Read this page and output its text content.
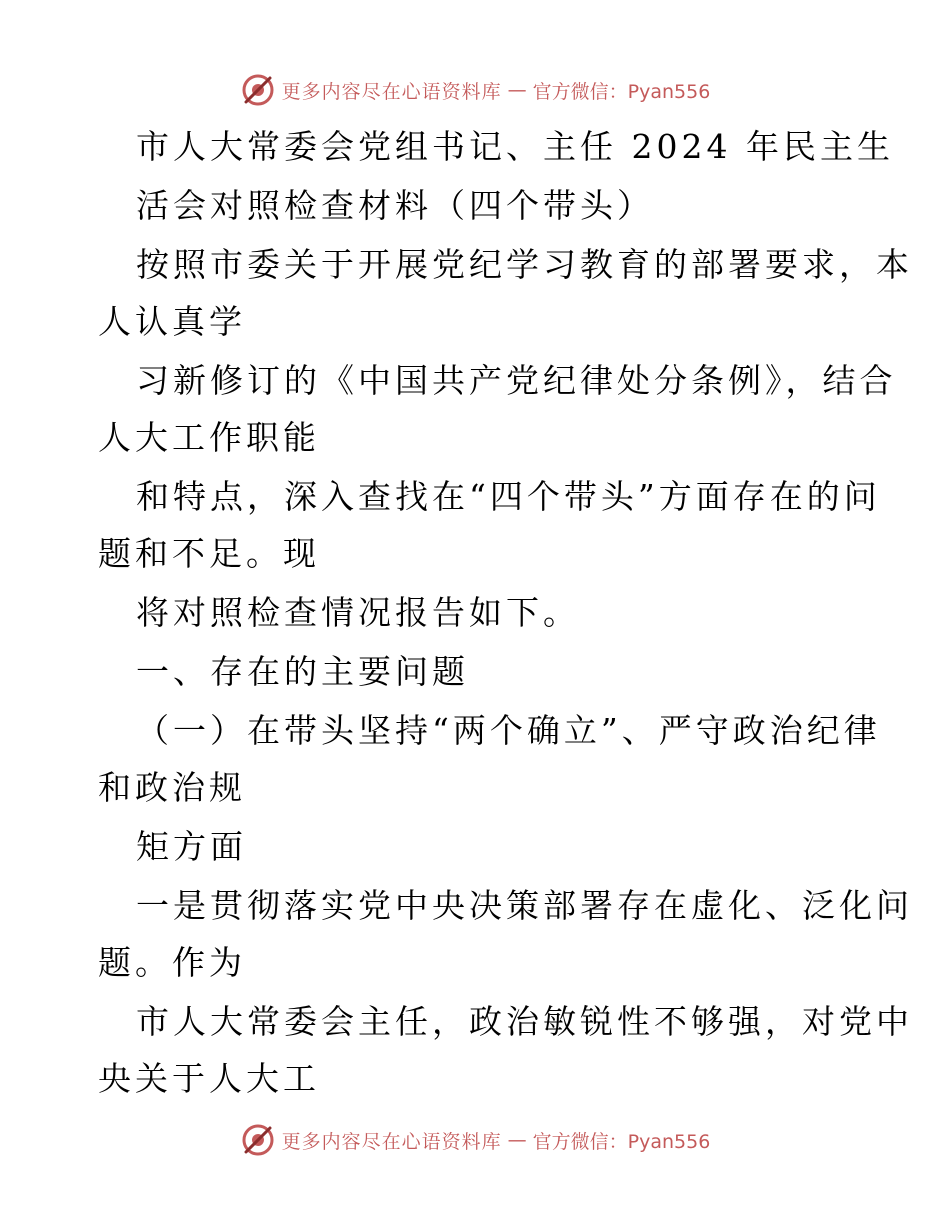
更多内容尽在心语资料库 — 官方微信：Pyan556
市人大常委会党组书记、主任 2024 年民主生
活会对照检查材料（四个带头）
按照市委关于开展党纪学习教育的部署要求，本
人认真学
习新修订的《中国共产党纪律处分条例》，结合
人大工作职能
和特点，深入查找在“四个带头”方面存在的问
题和不足。现
将对照检查情况报告如下。
一、存在的主要问题
（一）在带头坚持“两个确立”、严守政治纪律
和政治规
矩方面
一是贯彻落实党中央决策部署存在虚化、泛化问
题。作为
市人大常委会主任，政治敏锐性不够强，对党中
央关于人大工
更多内容尽在心语资料库 — 官方微信：Pyan556
